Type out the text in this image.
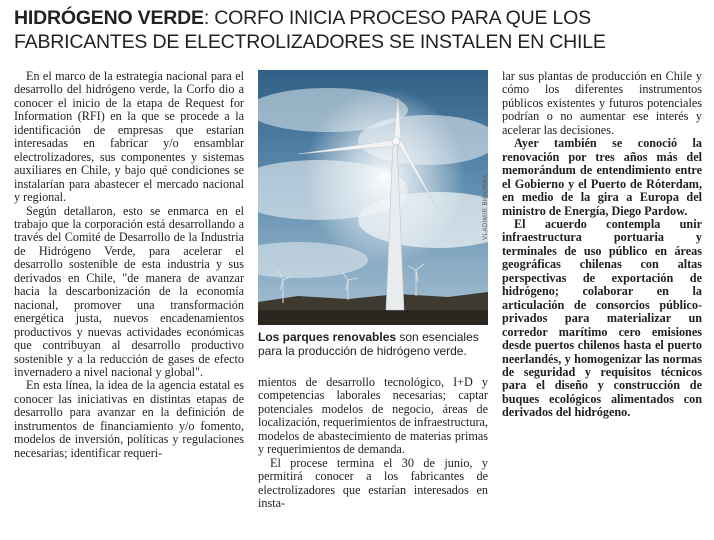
HIDRÓGENO VERDE: CORFO INICIA PROCESO PARA QUE LOS FABRICANTES DE ELECTROLIZADORES SE INSTALEN EN CHILE

En el marco de la estrategia nacional para el desarrollo del hidrógeno verde, la Corfo dio a conocer el inicio de la etapa de Request for Information (RFI) en la que se procede a la identificación de empresas que estarían interesadas en fabricar y/o ensamblar electrolizadores, sus componentes y sistemas auxiliares en Chile, y bajo qué condiciones se instalarían para abastecer el mercado nacional y regional.

Según detallaron, esto se enmarca en el trabajo que la corporación está desarrollando a través del Comité de Desarrollo de la Industria de Hidrógeno Verde, para acelerar el desarrollo sostenible de esta industria y sus derivados en Chile, "de manera de avanzar hacia la descarbonización de la economía nacional, promover una transformación energética justa, nuevos encadenamientos productivos y nuevas actividades económicas que contribuyan al desarrollo productivo sostenible y a la reducción de gases de efecto invernadero a nivel nacional y global".

En esta línea, la idea de la agencia estatal es conocer las iniciativas en distintas etapas de desarrollo para avanzar en la definición de instrumentos de financiamiento y/o fomento, modelos de inversión, políticas y regulaciones necesarias; identificar requeri-

VLADIMIR BIGORRA
Los parques renovables son esenciales para la producción de hidrógeno verde.

mientos de desarrollo tecnológico, I+D y competencias laborales necesarias; captar potenciales modelos de negocio, áreas de localización, requerimientos de infraestructura, modelos de abastecimiento de materias primas y requerimientos de demanda.

El procese termina el 30 de junio, y permitirá conocer a los fabricantes de electrolizadores que estarían interesados en insta-

lar sus plantas de producción en Chile y cómo los diferentes instrumentos públicos existentes y futuros potenciales podrían o no aumentar ese interés y acelerar las decisiones.

Ayer también se conoció la renovación por tres años más del memorándum de entendimiento entre el Gobierno y el Puerto de Róterdam, en medio de la gira a Europa del ministro de Energía, Diego Pardow.

El acuerdo contempla unir infraestructura portuaria y terminales de uso público en áreas geográficas chilenas con altas perspectivas de exportación de hidrógeno; colaborar en la articulación de consorcios público-privados para materializar un corredor marítimo cero emisiones desde puertos chilenos hasta el puerto neerlandés, y homogenizar las normas de seguridad y requisitos técnicos para el diseño y construcción de buques ecológicos alimentados con derivados del hidrógeno.
